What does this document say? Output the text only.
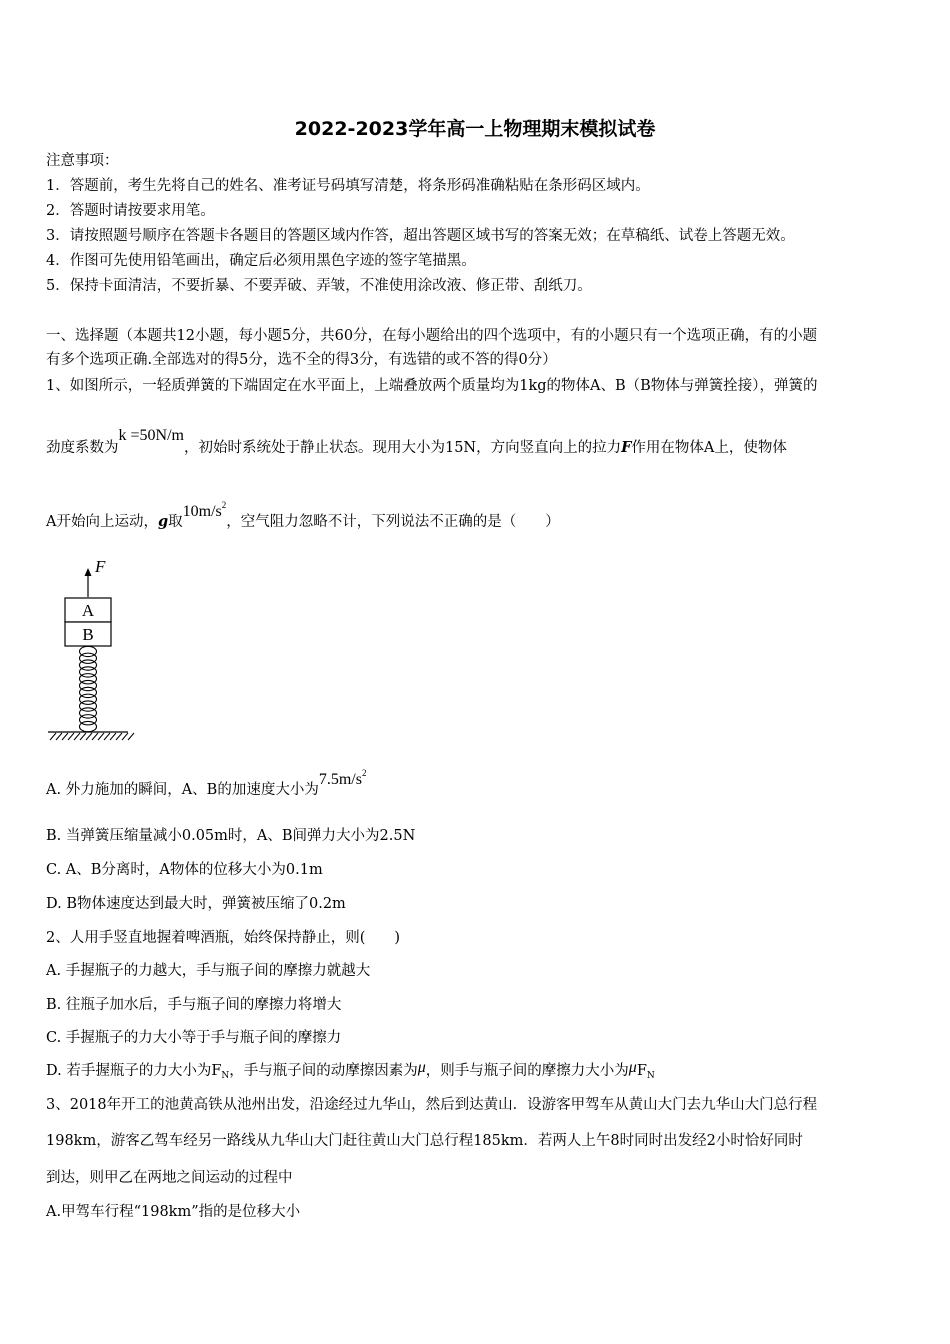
2022-2023学年高一上物理期末模拟试卷
注意事项：
1．答题前，考生先将自己的姓名、准考证号码填写清楚，将条形码准确粘贴在条形码区域内。
2．答题时请按要求用笔。
3．请按照题号顺序在答题卡各题目的答题区域内作答，超出答题区域书写的答案无效；在草稿纸、试卷上答题无效。
4．作图可先使用铅笔画出，确定后必须用黑色字迹的签字笔描黑。
5．保持卡面清洁，不要折暴、不要弄破、弄皱，不准使用涂改液、修正带、刮纸刀。
一、选择题（本题共12小题，每小题5分，共60分，在每小题给出的四个选项中，有的小题只有一个选项正确，有的小题
有多个选项正确.全部选对的得5分，选不全的得3分，有选错的或不答的得0分）
1、如图所示，一轻质弹簧的下端固定在水平面上，上端叠放两个质量均为1kg的物体A、B（B物体与弹簧拴接），弹簧的
劲度系数为k =50N/m，初始时系统处于静止状态。现用大小为15N，方向竖直向上的拉力F作用在物体A上，使物体
A开始向上运动，g取$10m/s^2$，空气阻力忽略不计，下列说法不正确的是（　　）
F
A
B
A. 外力施加的瞬间，A、B的加速度大小为$7.5m/s^2$
B. 当弹簧压缩量减小0.05m时，A、B间弹力大小为2.5N
C. A、B分离时，A物体的位移大小为0.1m
D. B物体速度达到最大时，弹簧被压缩了0.2m
2、人用手竖直地握着啤酒瓶，始终保持静止，则(　　)
A. 手握瓶子的力越大，手与瓶子间的摩擦力就越大
B. 往瓶子加水后，手与瓶子间的摩擦力将增大
C. 手握瓶子的力大小等于手与瓶子间的摩擦力
D. 若手握瓶子的力大小为$F_N$，手与瓶子间的动摩擦因素为μ，则手与瓶子间的摩擦力大小为$\mu F_N$
3、2018年开工的池黄高铁从池州出发，沿途经过九华山，然后到达黄山．设游客甲驾车从黄山大门去九华山大门总行程
198km，游客乙驾车经另一路线从九华山大门赶往黄山大门总行程185km．若两人上午8时同时出发经2小时恰好同时
到达，则甲乙在两地之间运动的过程中
A.甲驾车行程“198km”指的是位移大小
